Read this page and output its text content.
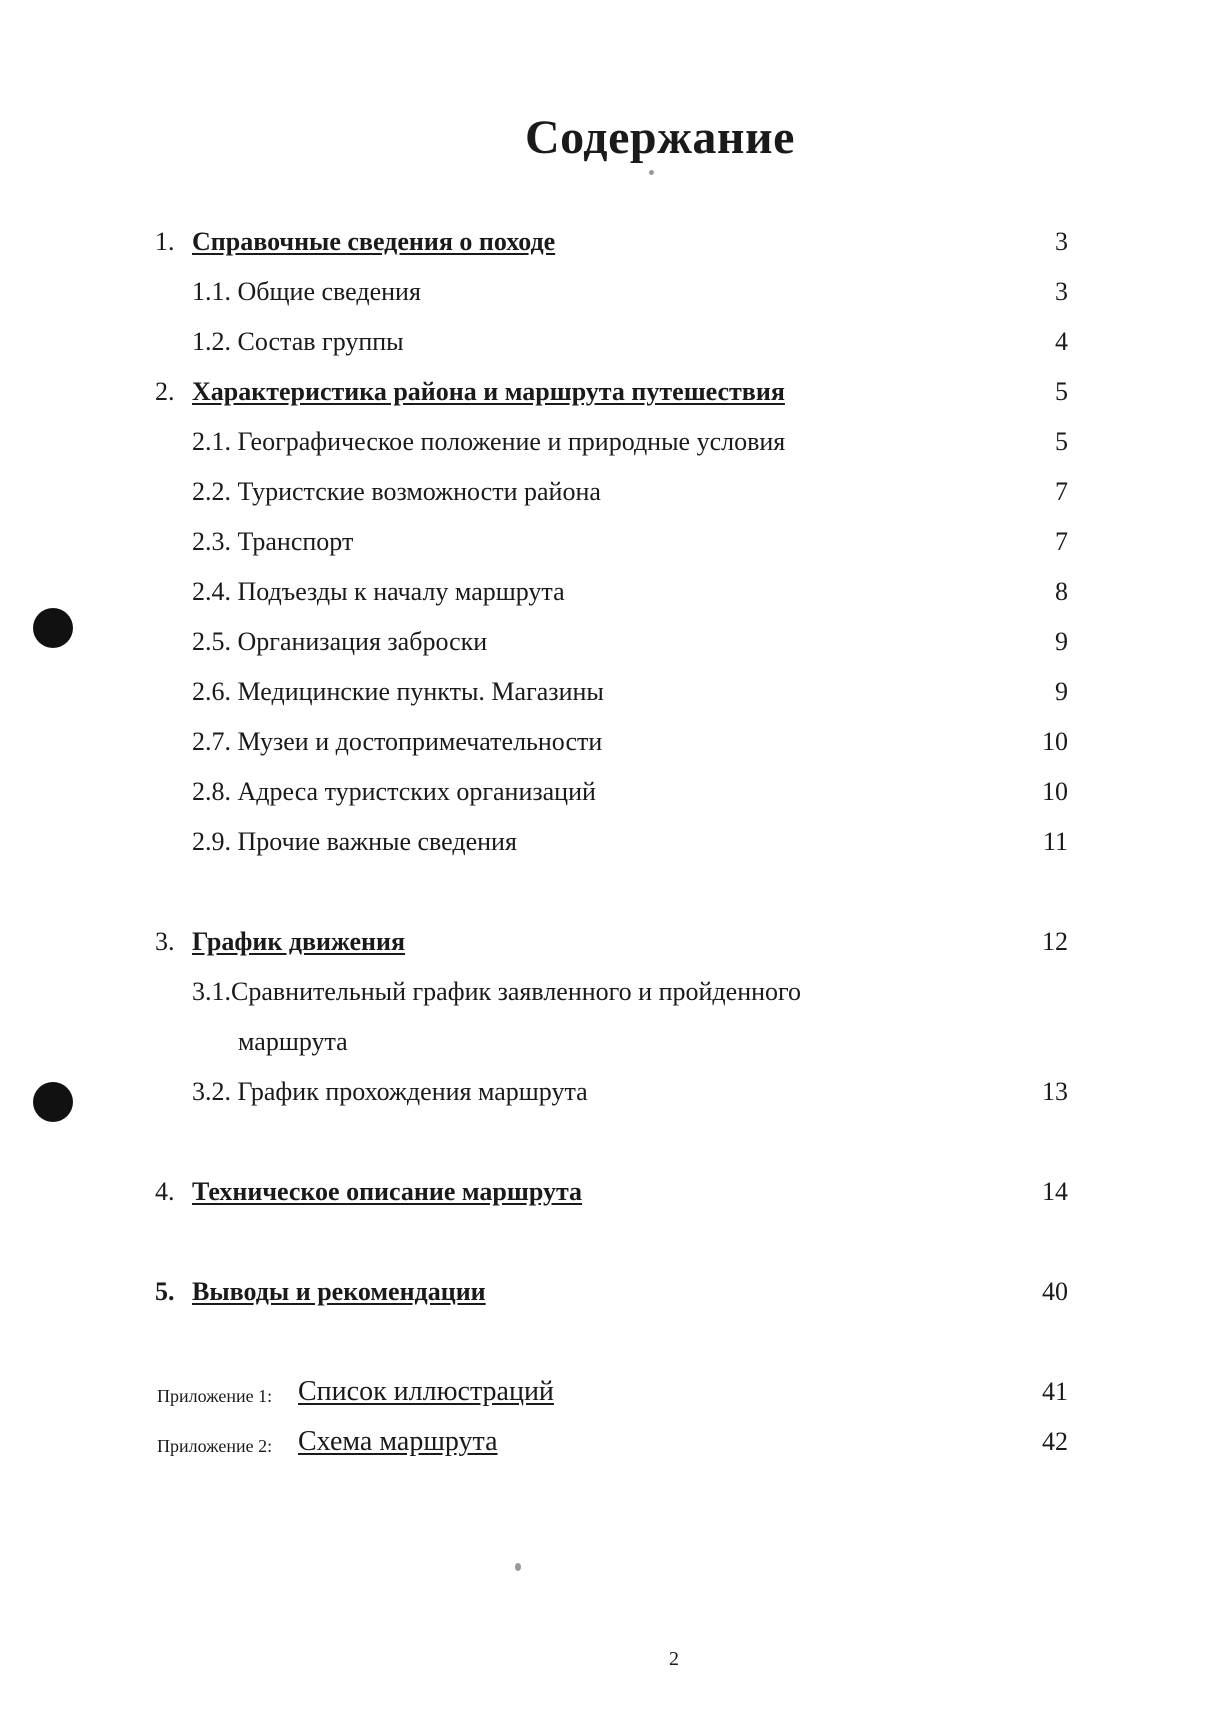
Содержание
1. Справочные сведения о походе	3
1.1. Общие сведения	3
1.2. Состав группы	4
2. Характеристика района и маршрута путешествия	5
2.1. Географическое положение и природные условия	5
2.2. Туристские возможности района	7
2.3. Транспорт	7
2.4. Подъезды к началу маршрута	8
2.5. Организация заброски	9
2.6. Медицинские пункты. Магазины	9
2.7. Музеи и достопримечательности	10
2.8. Адреса туристских организаций	10
2.9. Прочие важные сведения	11
3. График движения	12
3.1.Сравнительный график заявленного и пройденного
маршрута
3.2. График прохождения маршрута	13
4. Техническое описание маршрута	14
5. Выводы и рекомендации	40
Приложение 1: Список иллюстраций	41
Приложение 2: Схема маршрута	42
2
